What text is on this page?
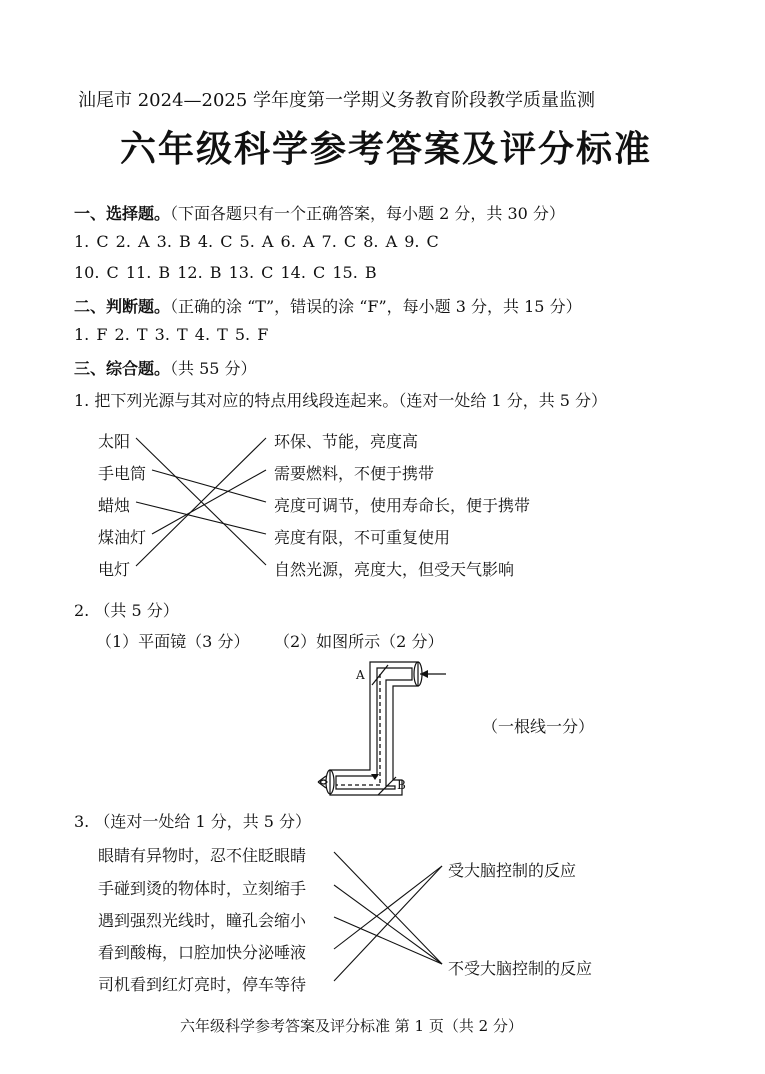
汕尾市 2024—2025 学年度第一学期义务教育阶段教学质量监测
六年级科学参考答案及评分标准
一、选择题。（下面各题只有一个正确答案，每小题 2 分，共 30 分）
1. C 2. A 3. B 4. C 5. A 6. A 7. C 8. A 9. C
10. C 11. B 12. B 13. C 14. C 15. B
二、判断题。（正确的涂 “T”，错误的涂 “F”，每小题 3 分，共 15 分）
1. F 2. T 3. T 4. T 5. F
三、综合题。（共 55 分）
1. 把下列光源与其对应的特点用线段连起来。（连对一处给 1 分，共 5 分）
太阳
手电筒
蜡烛
煤油灯
电灯
环保、节能，亮度高
需要燃料，不便于携带
亮度可调节，使用寿命长，便于携带
亮度有限，不可重复使用
自然光源，亮度大，但受天气影响
2. （共 5 分）
（1）平面镜（3 分） （2）如图所示（2 分）
A
B
（一根线一分）
3. （连对一处给 1 分，共 5 分）
眼睛有异物时，忍不住眨眼睛
手碰到烫的物体时，立刻缩手
遇到强烈光线时，瞳孔会缩小
看到酸梅，口腔加快分泌唾液
司机看到红灯亮时，停车等待
受大脑控制的反应
不受大脑控制的反应
六年级科学参考答案及评分标准 第 1 页（共 2 分）
